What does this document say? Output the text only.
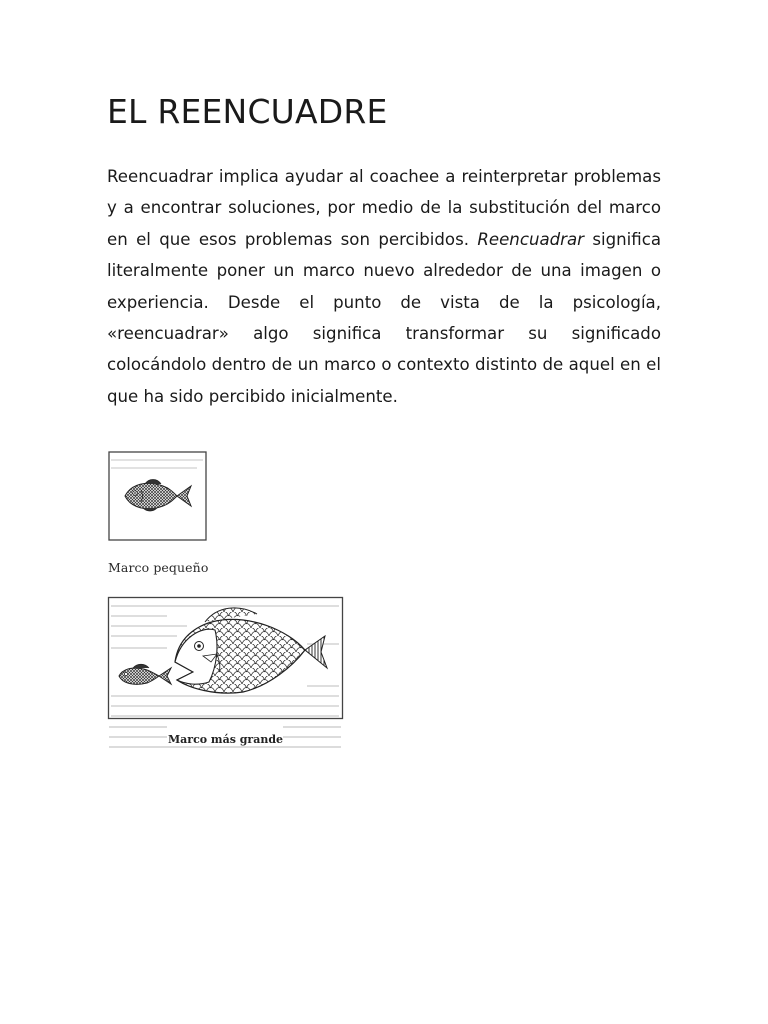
EL REENCUADRE

Reencuadrar implica ayudar al coachee a reinterpretar problemas y a encontrar soluciones, por medio de la substitución del marco en el que esos problemas son percibidos. Reencuadrar significa literalmente poner un marco nuevo alrededor de una imagen o experiencia. Desde el punto de vista de la psicología, «reencuadrar» algo significa transformar su significado colocándolo dentro de un marco o contexto distinto de aquel en el que ha sido percibido inicialmente.

Marco pequeño
Marco más grande
